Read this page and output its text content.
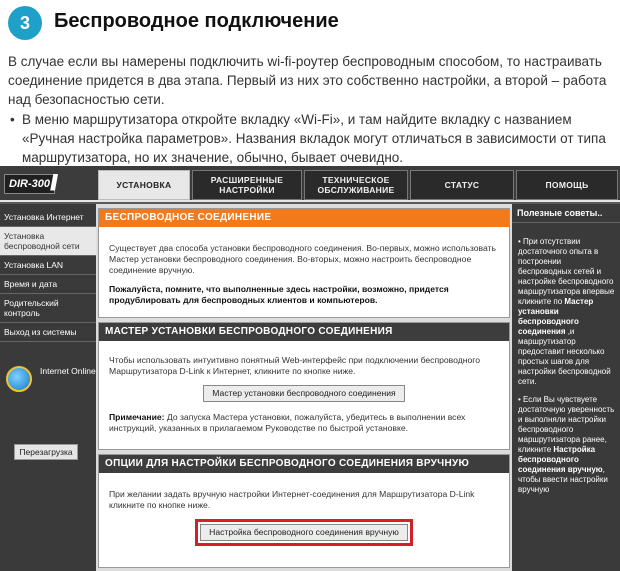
3	Беспроводное подключение
В случае если вы намерены подключить wi-fi-роутер беспроводным способом, то настраивать соединение придется в два этапа. Первый из них это собственно настройки, а второй – работа над безопасностью сети.
• В меню маршрутизатора откройте вкладку «Wi-Fi», и там найдите вкладку с названием «Ручная настройка параметров». Названия вкладок могут отличаться в зависимости от типа маршрутизатора, но их значение, обычно, бывает очевидно.
DIR-300 //	УСТАНОВКА	РАСШИРЕННЫЕ НАСТРОЙКИ
ТЕХНИЧЕСКОЕ ОБСЛУЖИВАНИЕ	СТАТУС	ПОМОЩЬ
Установка Интернет
Установка беспроводной сети
Установка LAN
Время и дата
Родительский контроль
Выход из системы
Internet Online
Перезагрузка
БЕСПРОВОДНОЕ СОЕДИНЕНИЕ

Существует два способа установки беспроводного соединения. Во-первых, можно использовать Мастер установки беспроводного соединения. Во-вторых, можно настроить беспроводное соединение вручную.

Пожалуйста, помните, что выполненные здесь настройки, возможно, придется продублировать для беспроводных клиентов и компьютеров.

МАСТЕР УСТАНОВКИ БЕСПРОВОДНОГО СОЕДИНЕНИЯ

Чтобы использовать интуитивно понятный Web-интерфейс при подключении беспроводного Маршрутизатора D-Link к Интернет, кликните по кнопке ниже.

Мастер установки беспроводного соединения

Примечание: До запуска Мастера установки, пожалуйста, убедитесь в выполнении всех инструкций, указанных в прилагаемом Руководстве по быстрой установке.

ОПЦИИ ДЛЯ НАСТРОЙКИ БЕСПРОВОДНОГО СОЕДИНЕНИЯ ВРУЧНУЮ

При желании задать вручную настройки Интернет-соединения для Маршрутизатора D-Link кликните по кнопке ниже.

Настройка беспроводного соединения вручную
Полезные советы..

• При отсутствии достаточного опыта в построении беспроводных сетей и настройке беспроводного маршрутизатора впервые кликните по Мастер установки беспроводного соединения ,и маршрутизатор предоставит несколько простых шагов для настройки беспроводной сети.

• Если Вы чувствуете достаточную уверенность и выполняли настройки беспроводного маршрутизатора ранее, кликните Настройка беспроводного соединения вручную, чтобы ввести настройки вручную
